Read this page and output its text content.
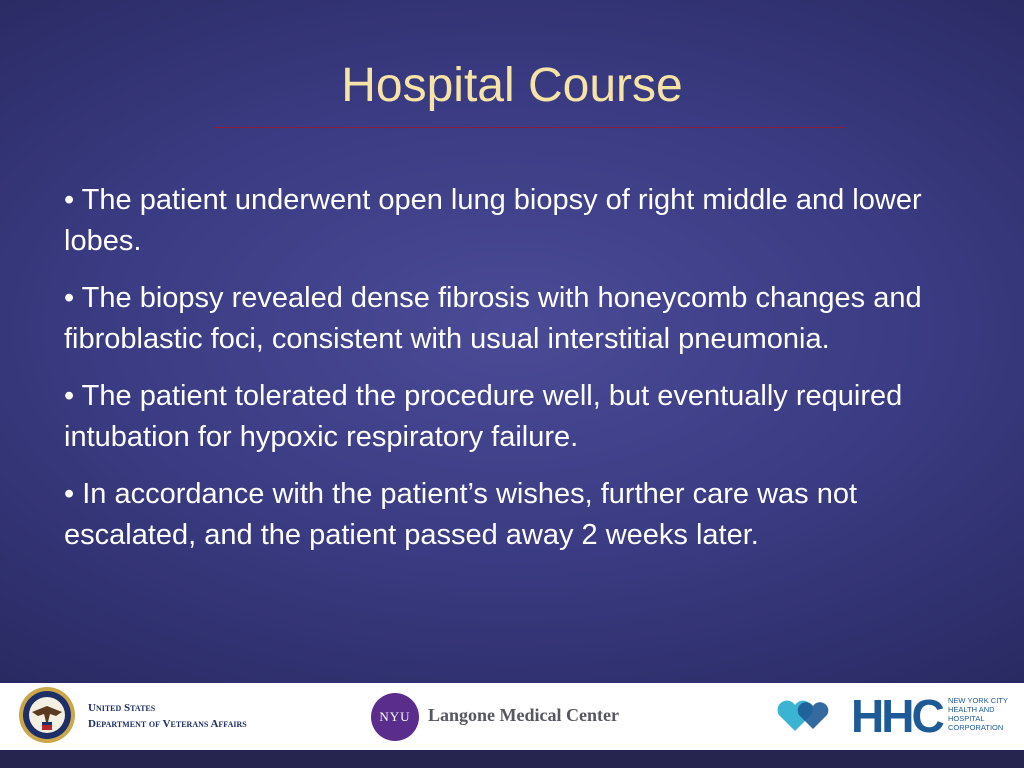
Hospital Course
• The patient underwent open lung biopsy of right middle and lower lobes.
• The biopsy revealed dense fibrosis with honeycomb changes and fibroblastic foci, consistent with usual interstitial pneumonia.
• The patient tolerated the procedure well, but eventually required intubation for hypoxic respiratory failure.
• In accordance with the patient’s wishes, further care was not escalated, and the patient passed away 2 weeks later.
United States
Department of Veterans Affairs	NYU Langone Medical Center	HHC NEW YORK CITY
HEALTH AND
HOSPITAL
CORPORATION
